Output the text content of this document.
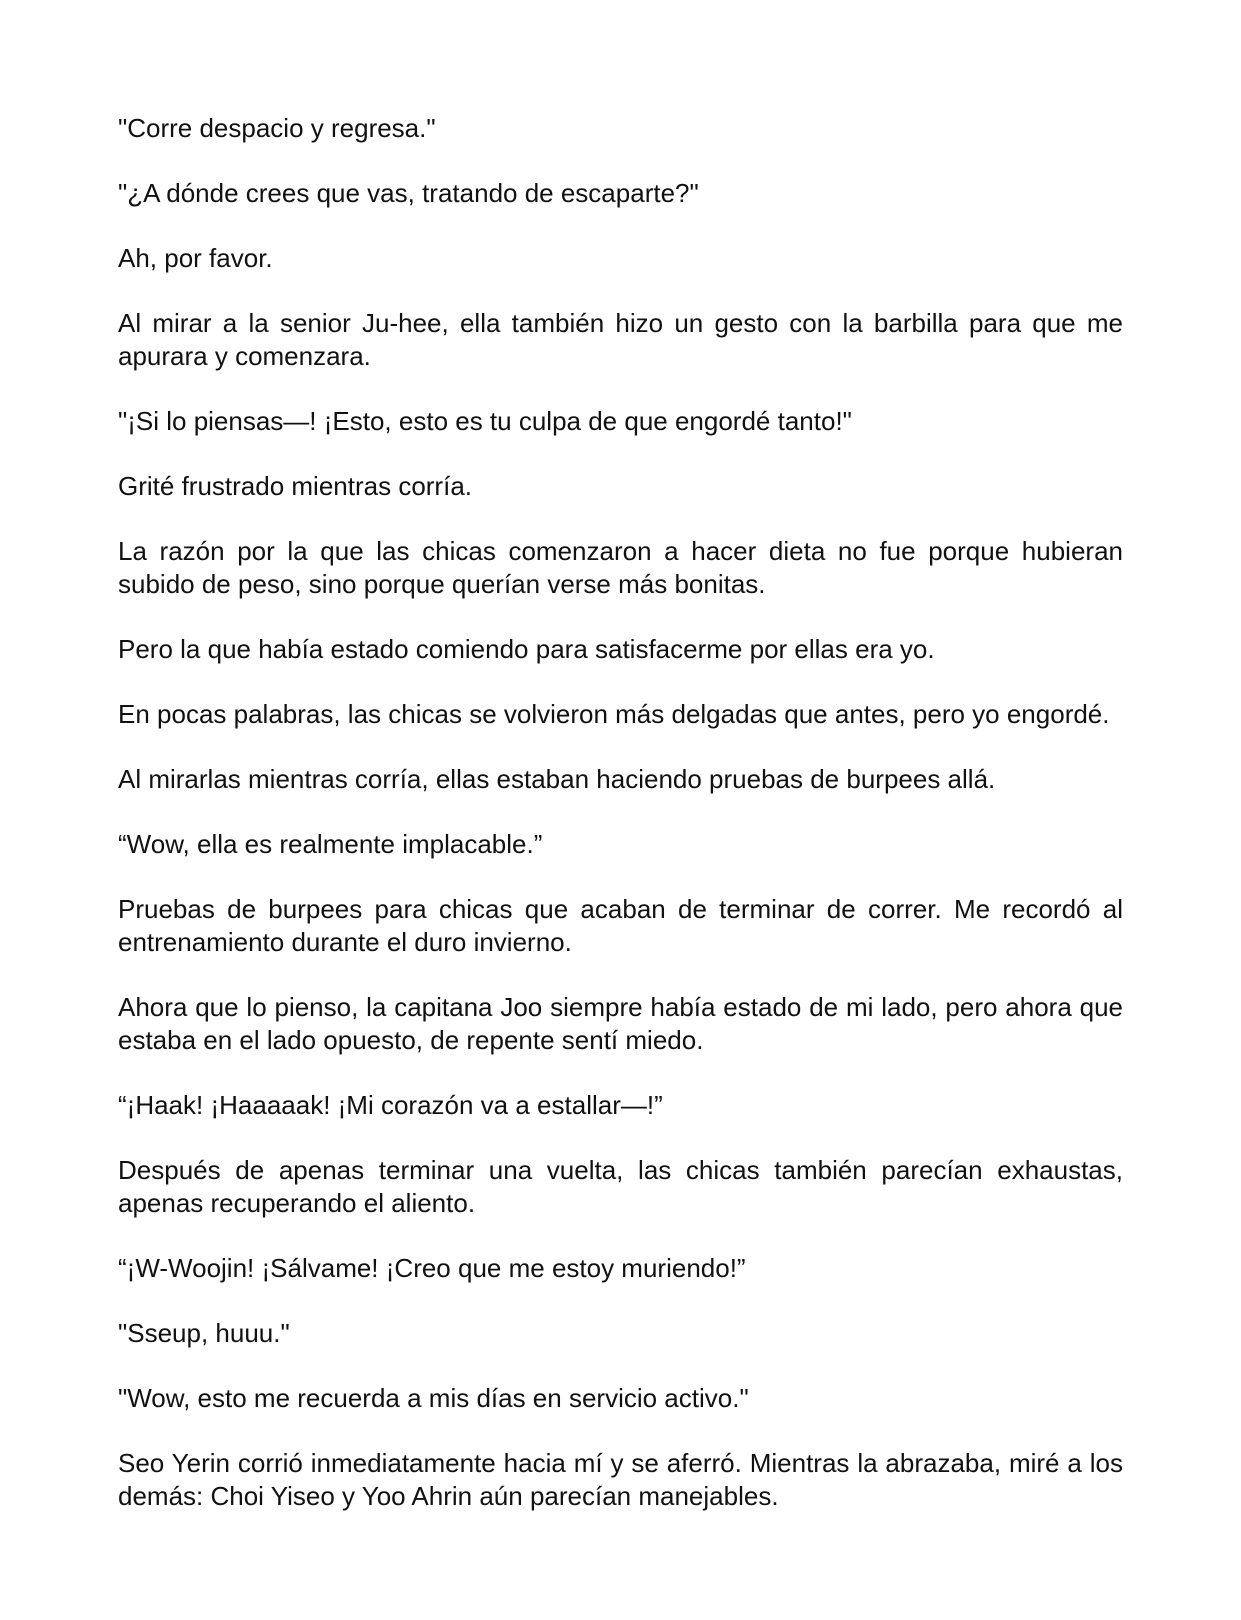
"Corre despacio y regresa."

"¿A dónde crees que vas, tratando de escaparte?"

Ah, por favor.

Al mirar a la senior Ju-hee, ella también hizo un gesto con la barbilla para que me apurara y comenzara.

"¡Si lo piensas—! ¡Esto, esto es tu culpa de que engordé tanto!"

Grité frustrado mientras corría.

La razón por la que las chicas comenzaron a hacer dieta no fue porque hubieran subido de peso, sino porque querían verse más bonitas.

Pero la que había estado comiendo para satisfacerme por ellas era yo.

En pocas palabras, las chicas se volvieron más delgadas que antes, pero yo engordé.

Al mirarlas mientras corría, ellas estaban haciendo pruebas de burpees allá.

“Wow, ella es realmente implacable.”

Pruebas de burpees para chicas que acaban de terminar de correr. Me recordó al entrenamiento durante el duro invierno.

Ahora que lo pienso, la capitana Joo siempre había estado de mi lado, pero ahora que estaba en el lado opuesto, de repente sentí miedo.

“¡Haak! ¡Haaaaak! ¡Mi corazón va a estallar—!”

Después de apenas terminar una vuelta, las chicas también parecían exhaustas, apenas recuperando el aliento.

“¡W-Woojin! ¡Sálvame! ¡Creo que me estoy muriendo!”

"Sseup, huuu."

"Wow, esto me recuerda a mis días en servicio activo."

Seo Yerin corrió inmediatamente hacia mí y se aferró. Mientras la abrazaba, miré a los demás: Choi Yiseo y Yoo Ahrin aún parecían manejables.
